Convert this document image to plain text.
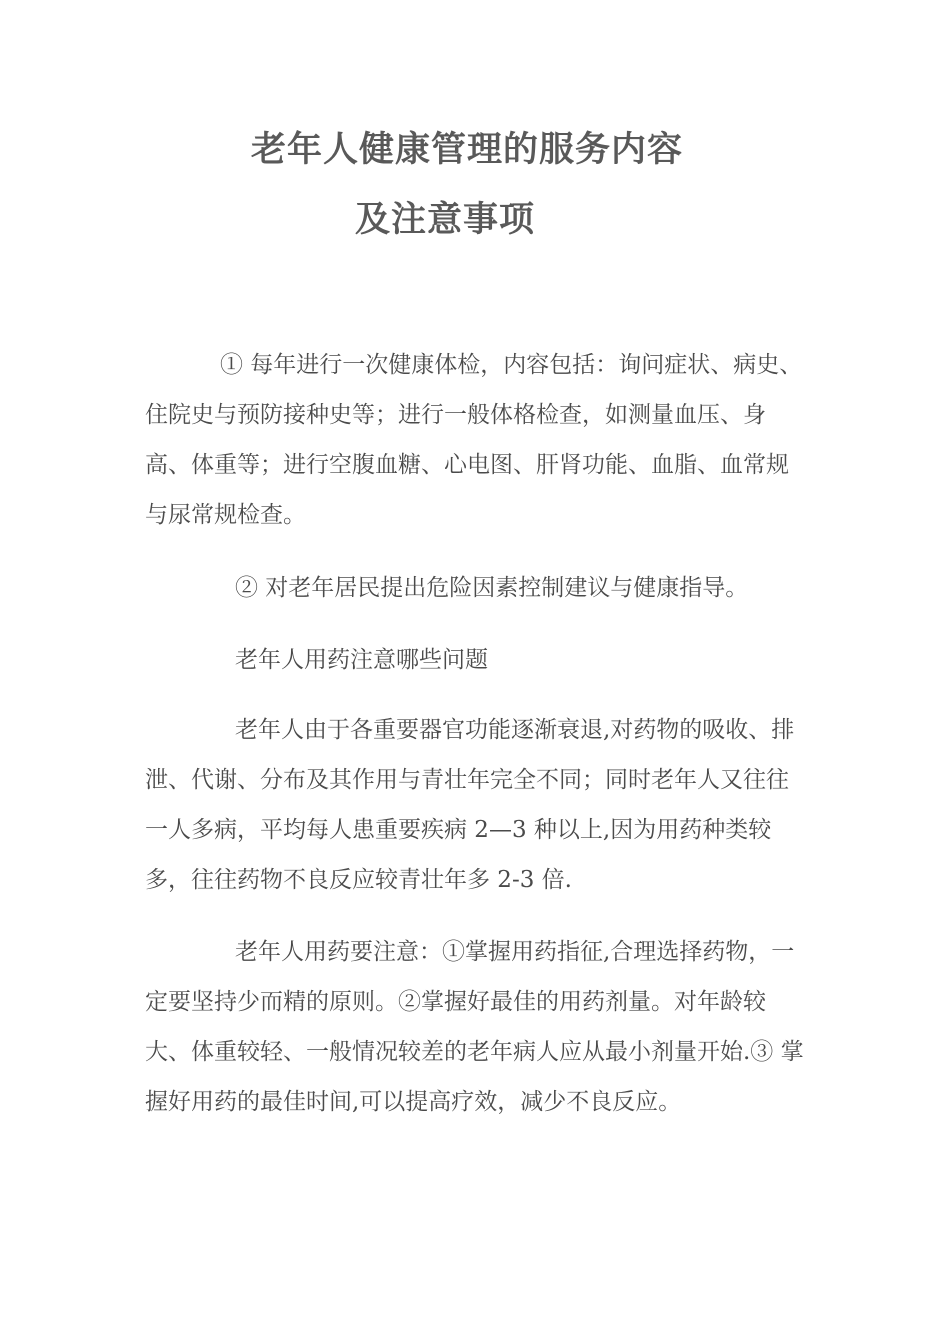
老年人健康管理的服务内容
及注意事项

① 每年进行一次健康体检，内容包括：询问症状、病史、住院史与预防接种史等；进行一般体格检查，如测量血压、身高、体重等；进行空腹血糖、心电图、肝肾功能、血脂、血常规与尿常规检查。

② 对老年居民提出危险因素控制建议与健康指导。

老年人用药注意哪些问题

老年人由于各重要器官功能逐渐衰退,对药物的吸收、排泄、代谢、分布及其作用与青壮年完全不同；同时老年人又往往一人多病，平均每人患重要疾病 2—3 种以上,因为用药种类较多，往往药物不良反应较青壮年多 2-3 倍.

老年人用药要注意：①掌握用药指征,合理选择药物，一定要坚持少而精的原则。②掌握好最佳的用药剂量。对年龄较大、体重较轻、一般情况较差的老年病人应从最小剂量开始.③ 掌握好用药的最佳时间,可以提高疗效，减少不良反应。
